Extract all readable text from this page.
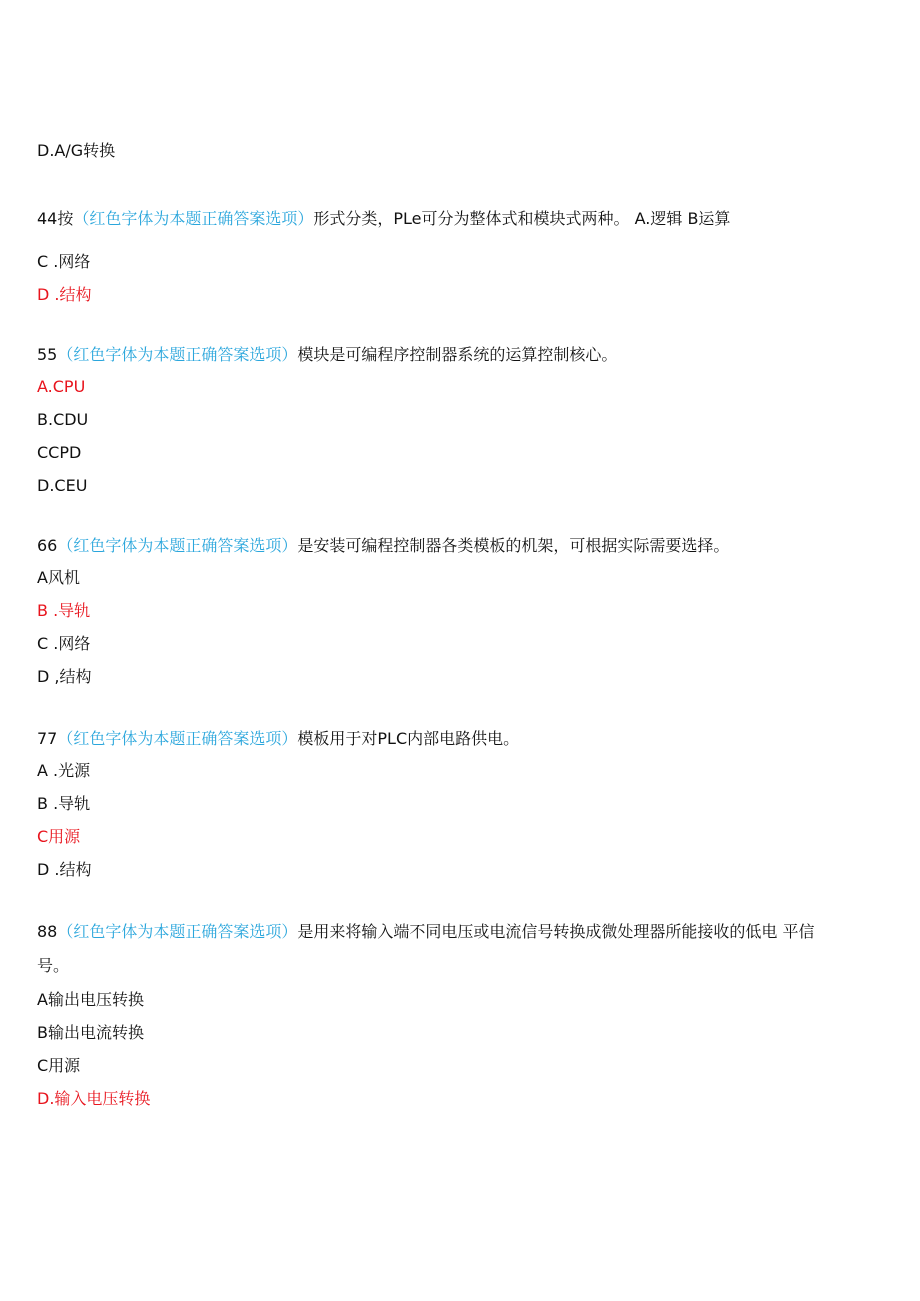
D.A/G转换
44按（红色字体为本题正确答案选项）形式分类，PLe可分为整体式和模块式两种。 A.逻辑 B运算
C .网络
D .结构
55（红色字体为本题正确答案选项）模块是可编程序控制器系统的运算控制核心。
A.CPU
B.CDU
CCPD
D.CEU
66（红色字体为本题正确答案选项）是安装可编程控制器各类模板的机架，可根据实际需要选择。
A风机
B .导轨
C .网络
D ,结构
77（红色字体为本题正确答案选项）模板用于对PLC内部电路供电。
A .光源
B .导轨
C用源
D .结构
88（红色字体为本题正确答案选项）是用来将输入端不同电压或电流信号转换成微处理器所能接收的低电 平信
号。
A输出电压转换
B输出电流转换
C用源
D.输入电压转换
